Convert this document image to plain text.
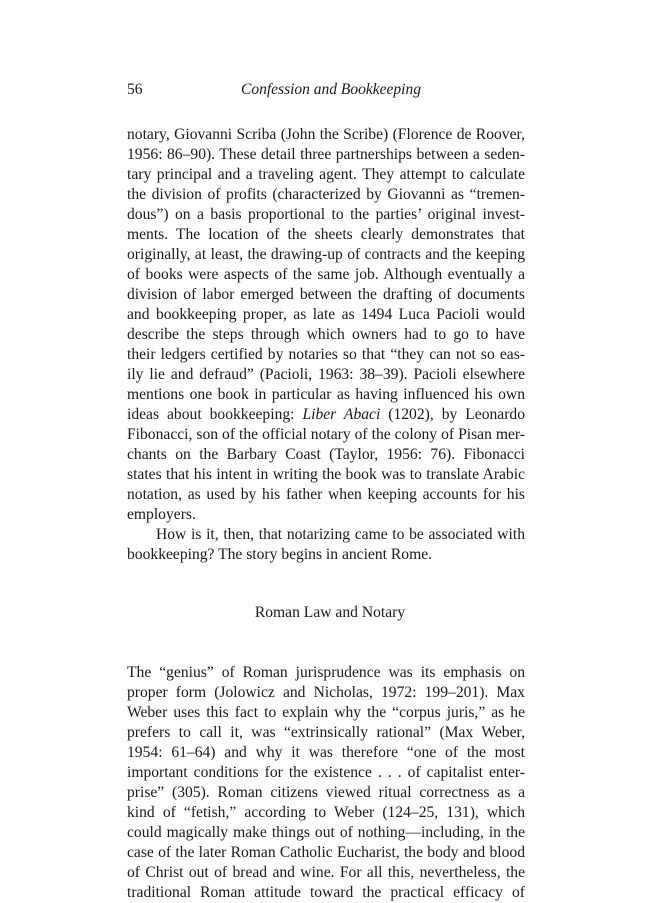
56	Confession and Bookkeeping
notary, Giovanni Scriba (John the Scribe) (Florence de Roover,
1956: 86–90). These detail three partnerships between a seden-
tary principal and a traveling agent. They attempt to calculate
the division of profits (characterized by Giovanni as “tremen-
dous”) on a basis proportional to the parties’ original invest-
ments. The location of the sheets clearly demonstrates that
originally, at least, the drawing-up of contracts and the keeping
of books were aspects of the same job. Although eventually a
division of labor emerged between the drafting of documents
and bookkeeping proper, as late as 1494 Luca Pacioli would
describe the steps through which owners had to go to have
their ledgers certified by notaries so that “they can not so eas-
ily lie and defraud” (Pacioli, 1963: 38–39). Pacioli elsewhere
mentions one book in particular as having influenced his own
ideas about bookkeeping: Liber Abaci (1202), by Leonardo
Fibonacci, son of the official notary of the colony of Pisan mer-
chants on the Barbary Coast (Taylor, 1956: 76). Fibonacci
states that his intent in writing the book was to translate Arabic
notation, as used by his father when keeping accounts for his
employers.
How is it, then, that notarizing came to be associated with
bookkeeping? The story begins in ancient Rome.
Roman Law and Notary
The “genius” of Roman jurisprudence was its emphasis on
proper form (Jolowicz and Nicholas, 1972: 199–201). Max
Weber uses this fact to explain why the “corpus juris,” as he
prefers to call it, was “extrinsically rational” (Max Weber,
1954: 61–64) and why it was therefore “one of the most
important conditions for the existence . . . of capitalist enter-
prise” (305). Roman citizens viewed ritual correctness as a
kind of “fetish,” according to Weber (124–25, 131), which
could magically make things out of nothing—including, in the
case of the later Roman Catholic Eucharist, the body and blood
of Christ out of bread and wine. For all this, nevertheless, the
traditional Roman attitude toward the practical efficacy of
